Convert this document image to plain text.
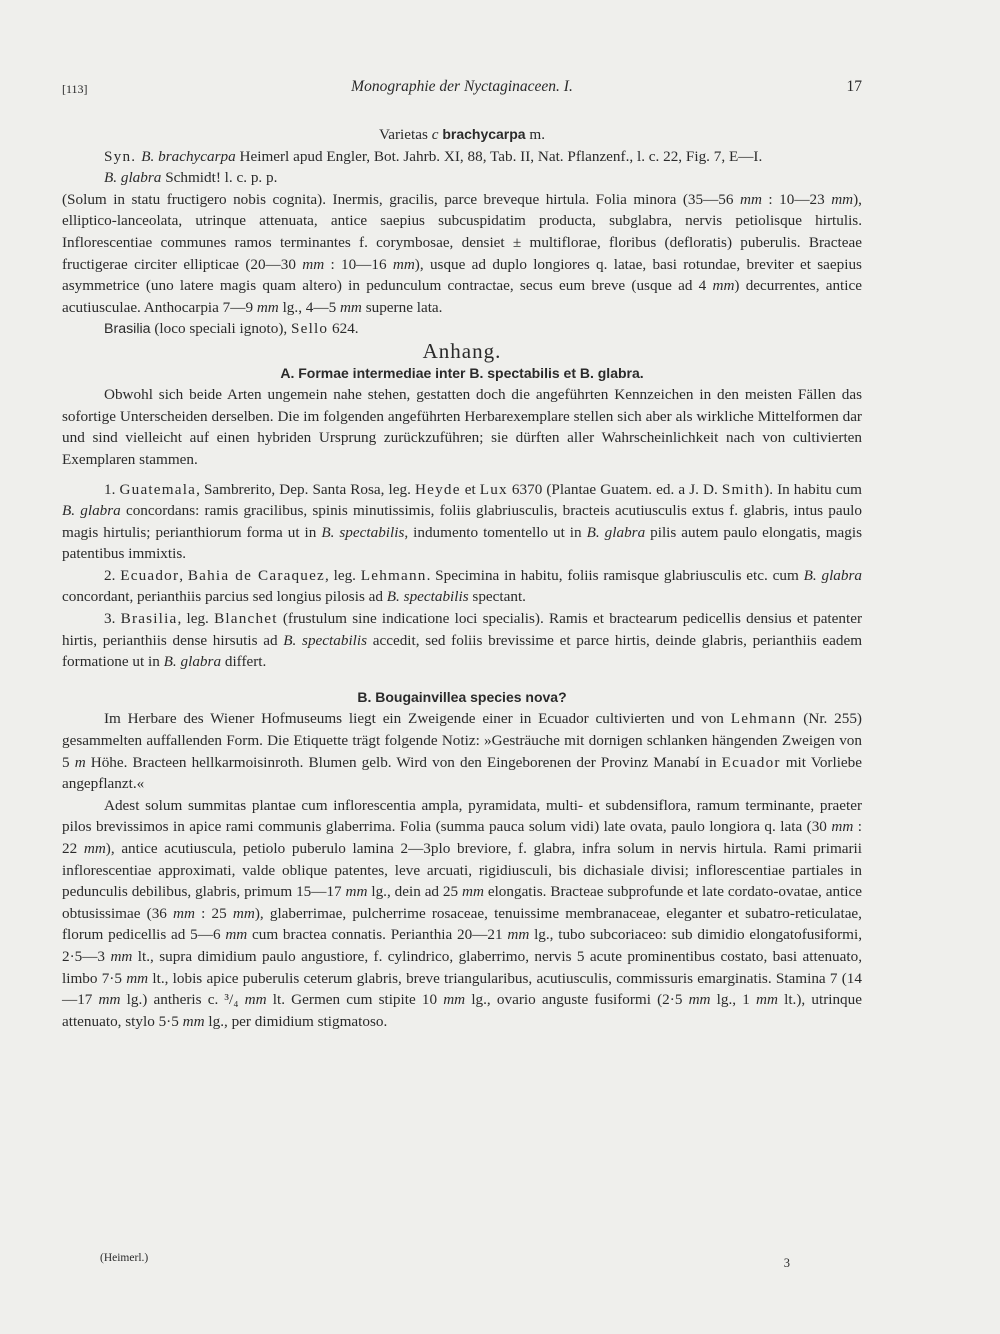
[113]	Monographie der Nyctaginaceen. I.	17

Varietas c brachycarpa m.

Syn. B. brachycarpa Heimerl apud Engler, Bot. Jahrb. XI, 88, Tab. II, Nat. Pflanzenf., l. c. 22, Fig. 7, E—I.

B. glabra Schmidt! l. c. p. p.

(Solum in statu fructigero nobis cognita). Inermis, gracilis, parce breveque hirtula. Folia minora (35—56 mm : 10—23 mm), elliptico-lanceolata, utrinque attenuata, antice saepius subcuspidatim producta, subglabra, nervis petiolisque hirtulis. Inflorescentiae communes ramos terminantes f. corymbosae, densiet ± multiflorae, floribus (defloratis) puberulis. Bracteae fructigerae circiter ellipticae (20—30 mm : 10—16 mm), usque ad duplo longiores q. latae, basi rotundae, breviter et saepius asymmetrice (uno latere magis quam altero) in pedunculum contractae, secus eum breve (usque ad 4 mm) decurrentes, antice acutiusculae. Anthocarpia 7—9 mm lg., 4—5 mm superne lata.

Brasilia (loco speciali ignoto), Sello 624.

Anhang.

A. Formae intermediae inter B. spectabilis et B. glabra.

Obwohl sich beide Arten ungemein nahe stehen, gestatten doch die angeführten Kennzeichen in den meisten Fällen das sofortige Unterscheiden derselben. Die im folgenden angeführten Herbarexemplare stellen sich aber als wirkliche Mittelformen dar und sind vielleicht auf einen hybriden Ursprung zurückzuführen; sie dürften aller Wahrscheinlichkeit nach von cultivierten Exemplaren stammen.

1. Guatemala, Sambrerito, Dep. Santa Rosa, leg. Heyde et Lux 6370 (Plantae Guatem. ed. a J. D. Smith). In habitu cum B. glabra concordans: ramis gracilibus, spinis minutissimis, foliis glabriusculis, bracteis acutiusculis extus f. glabris, intus paulo magis hirtulis; perianthiorum forma ut in B. spectabilis, indumento tomentello ut in B. glabra pilis autem paulo elongatis, magis patentibus immixtis.

2. Ecuador, Bahia de Caraquez, leg. Lehmann. Specimina in habitu, foliis ramisque glabriusculis etc. cum B. glabra concordant, perianthiis parcius sed longius pilosis ad B. spectabilis spectant.

3. Brasilia, leg. Blanchet (frustulum sine indicatione loci specialis). Ramis et bractearum pedicellis densius et patenter hirtis, perianthiis dense hirsutis ad B. spectabilis accedit, sed foliis brevissime et parce hirtis, deinde glabris, perianthiis eadem formatione ut in B. glabra differt.

B. Bougainvillea species nova?

Im Herbare des Wiener Hofmuseums liegt ein Zweigende einer in Ecuador cultivierten und von Lehmann (Nr. 255) gesammelten auffallenden Form. Die Etiquette trägt folgende Notiz: »Gesträuche mit dornigen schlanken hängenden Zweigen von 5 m Höhe. Bracteen hellkarmoisinroth. Blumen gelb. Wird von den Eingeborenen der Provinz Manabí in Ecuador mit Vorliebe angepflanzt.«

Adest solum summitas plantae cum inflorescentia ampla, pyramidata, multi- et subdensiflora, ramum terminante, praeter pilos brevissimos in apice rami communis glaberrima. Folia (summa pauca solum vidi) late ovata, paulo longiora q. lata (30 mm : 22 mm), antice acutiuscula, petiolo puberulo lamina 2—3plo breviore, f. glabra, infra solum in nervis hirtula. Rami primarii inflorescentiae approximati, valde oblique patentes, leve arcuati, rigidiusculi, bis dichasiale divisi; inflorescentiae partiales in pedunculis debilibus, glabris, primum 15—17 mm lg., dein ad 25 mm elongatis. Bracteae subprofunde et late cordato-ovatae, antice obtusissimae (36 mm : 25 mm), glaberrimae, pulcherrime rosaceae, tenuissime membranaceae, eleganter et subatro-reticulatae, florum pedicellis ad 5—6 mm cum bractea connatis. Perianthia 20—21 mm lg., tubo subcoriaceo: sub dimidio elongatofusiformi, 2·5—3 mm lt., supra dimidium paulo angustiore, f. cylindrico, glaberrimo, nervis 5 acute prominentibus costato, basi attenuato, limbo 7·5 mm lt., lobis apice puberulis ceterum glabris, breve triangularibus, acutiusculis, commissuris emarginatis. Stamina 7 (14—17 mm lg.) antheris c. ³/₄ mm lt. Germen cum stipite 10 mm lg., ovario anguste fusiformi (2·5 mm lg., 1 mm lt.), utrinque attenuato, stylo 5·5 mm lg., per dimidium stigmatoso.

(Heimerl.)	3
